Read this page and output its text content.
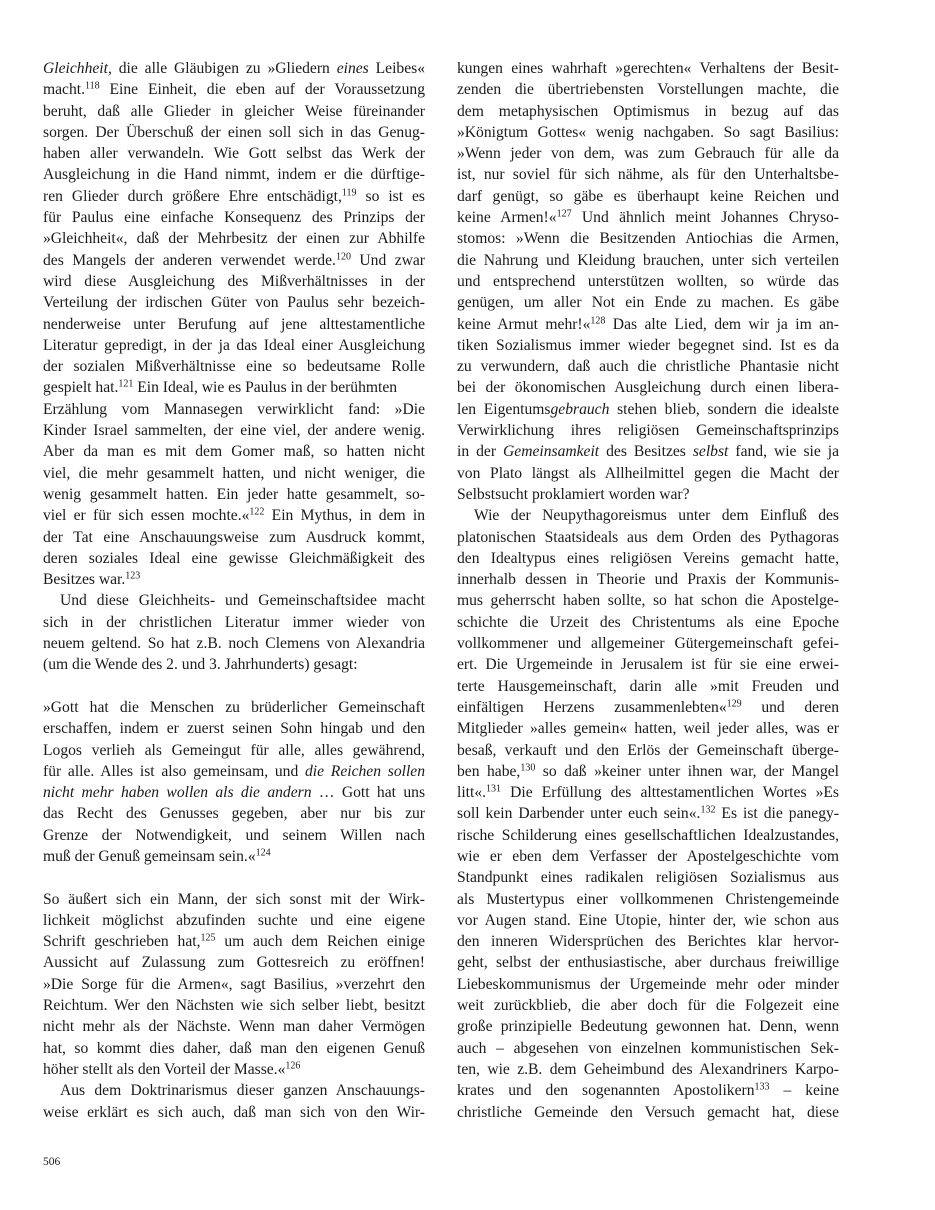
Gleichheit, die alle Gläubigen zu »Gliedern eines Leibes«
macht.$^{118}$ Eine Einheit, die eben auf der Voraussetzung
beruht, daß alle Glieder in gleicher Weise füreinander
sorgen. Der Überschuß der einen soll sich in das Genug-
haben aller verwandeln. Wie Gott selbst das Werk der
Ausgleichung in die Hand nimmt, indem er die dürftige-
ren Glieder durch größere Ehre entschädigt,$^{119}$ so ist es
für Paulus eine einfache Konsequenz des Prinzips der
»Gleichheit«, daß der Mehrbesitz der einen zur Abhilfe
des Mangels der anderen verwendet werde.$^{120}$ Und zwar
wird diese Ausgleichung des Mißverhältnisses in der
Verteilung der irdischen Güter von Paulus sehr bezeich-
nenderweise unter Berufung auf jene alttestamentliche
Literatur gepredigt, in der ja das Ideal einer Ausgleichung
der sozialen Mißverhältnisse eine so bedeutsame Rolle
gespielt hat.$^{121}$ Ein Ideal, wie es Paulus in der berühmten
Erzählung vom Mannasegen verwirklicht fand: »Die
Kinder Israel sammelten, der eine viel, der andere wenig.
Aber da man es mit dem Gomer maß, so hatten nicht
viel, die mehr gesammelt hatten, und nicht weniger, die
wenig gesammelt hatten. Ein jeder hatte gesammelt, so-
viel er für sich essen mochte.«$^{122}$ Ein Mythus, in dem in
der Tat eine Anschauungsweise zum Ausdruck kommt,
deren soziales Ideal eine gewisse Gleichmäßigkeit des
Besitzes war.$^{123}$
Und diese Gleichheits- und Gemeinschaftsidee macht
sich in der christlichen Literatur immer wieder von
neuem geltend. So hat z.B. noch Clemens von Alexandria
(um die Wende des 2. und 3. Jahrhunderts) gesagt:
»Gott hat die Menschen zu brüderlicher Gemeinschaft
erschaffen, indem er zuerst seinen Sohn hingab und den
Logos verlieh als Gemeingut für alle, alles gewährend,
für alle. Alles ist also gemeinsam, und die Reichen sollen
nicht mehr haben wollen als die andern … Gott hat uns
das Recht des Genusses gegeben, aber nur bis zur
Grenze der Notwendigkeit, und seinem Willen nach
muß der Genuß gemeinsam sein.«$^{124}$
So äußert sich ein Mann, der sich sonst mit der Wirk-
lichkeit möglichst abzufinden suchte und eine eigene
Schrift geschrieben hat,$^{125}$ um auch dem Reichen einige
Aussicht auf Zulassung zum Gottesreich zu eröffnen!
»Die Sorge für die Armen«, sagt Basilius, »verzehrt den
Reichtum. Wer den Nächsten wie sich selber liebt, besitzt
nicht mehr als der Nächste. Wenn man daher Vermögen
hat, so kommt dies daher, daß man den eigenen Genuß
höher stellt als den Vorteil der Masse.«$^{126}$
Aus dem Doktrinarismus dieser ganzen Anschauungs-
weise erklärt es sich auch, daß man sich von den Wir-
kungen eines wahrhaft »gerechten« Verhaltens der Besit-
zenden die übertriebensten Vorstellungen machte, die
dem metaphysischen Optimismus in bezug auf das
»Königtum Gottes« wenig nachgaben. So sagt Basilius:
»Wenn jeder von dem, was zum Gebrauch für alle da
ist, nur soviel für sich nähme, als für den Unterhaltsbe-
darf genügt, so gäbe es überhaupt keine Reichen und
keine Armen!«$^{127}$ Und ähnlich meint Johannes Chryso-
stomos: »Wenn die Besitzenden Antiochias die Armen,
die Nahrung und Kleidung brauchen, unter sich verteilen
und entsprechend unterstützen wollten, so würde das
genügen, um aller Not ein Ende zu machen. Es gäbe
keine Armut mehr!«$^{128}$ Das alte Lied, dem wir ja im an-
tiken Sozialismus immer wieder begegnet sind. Ist es da
zu verwundern, daß auch die christliche Phantasie nicht
bei der ökonomischen Ausgleichung durch einen libera-
len Eigentumsgebrauch stehen blieb, sondern die idealste
Verwirklichung ihres religiösen Gemeinschaftsprinzips
in der Gemeinsamkeit des Besitzes selbst fand, wie sie ja
von Plato längst als Allheilmittel gegen die Macht der
Selbstsucht proklamiert worden war?
Wie der Neupythagoreismus unter dem Einfluß des
platonischen Staatsideals aus dem Orden des Pythagoras
den Idealtypus eines religiösen Vereins gemacht hatte,
innerhalb dessen in Theorie und Praxis der Kommunis-
mus geherrscht haben sollte, so hat schon die Apostelge-
schichte die Urzeit des Christentums als eine Epoche
vollkommener und allgemeiner Gütergemeinschaft gefei-
ert. Die Urgemeinde in Jerusalem ist für sie eine erwei-
terte Hausgemeinschaft, darin alle »mit Freuden und
einfältigen Herzens zusammenlebten«$^{129}$ und deren
Mitglieder »alles gemein« hatten, weil jeder alles, was er
besaß, verkauft und den Erlös der Gemeinschaft überge-
ben habe,$^{130}$ so daß »keiner unter ihnen war, der Mangel
litt«.$^{131}$ Die Erfüllung des alttestamentlichen Wortes »Es
soll kein Darbender unter euch sein«.$^{132}$ Es ist die panegy-
rische Schilderung eines gesellschaftlichen Idealzustandes,
wie er eben dem Verfasser der Apostelgeschichte vom
Standpunkt eines radikalen religiösen Sozialismus aus
als Mustertypus einer vollkommenen Christengemeinde
vor Augen stand. Eine Utopie, hinter der, wie schon aus
den inneren Widersprüchen des Berichtes klar hervor-
geht, selbst der enthusiastische, aber durchaus freiwillige
Liebeskommunismus der Urgemeinde mehr oder minder
weit zurückblieb, die aber doch für die Folgezeit eine
große prinzipielle Bedeutung gewonnen hat. Denn, wenn
auch – abgesehen von einzelnen kommunistischen Sek-
ten, wie z.B. dem Geheimbund des Alexandriners Karpo-
krates und den sogenannten Apostolikern$^{133}$ – keine
christliche Gemeinde den Versuch gemacht hat, diese
506
